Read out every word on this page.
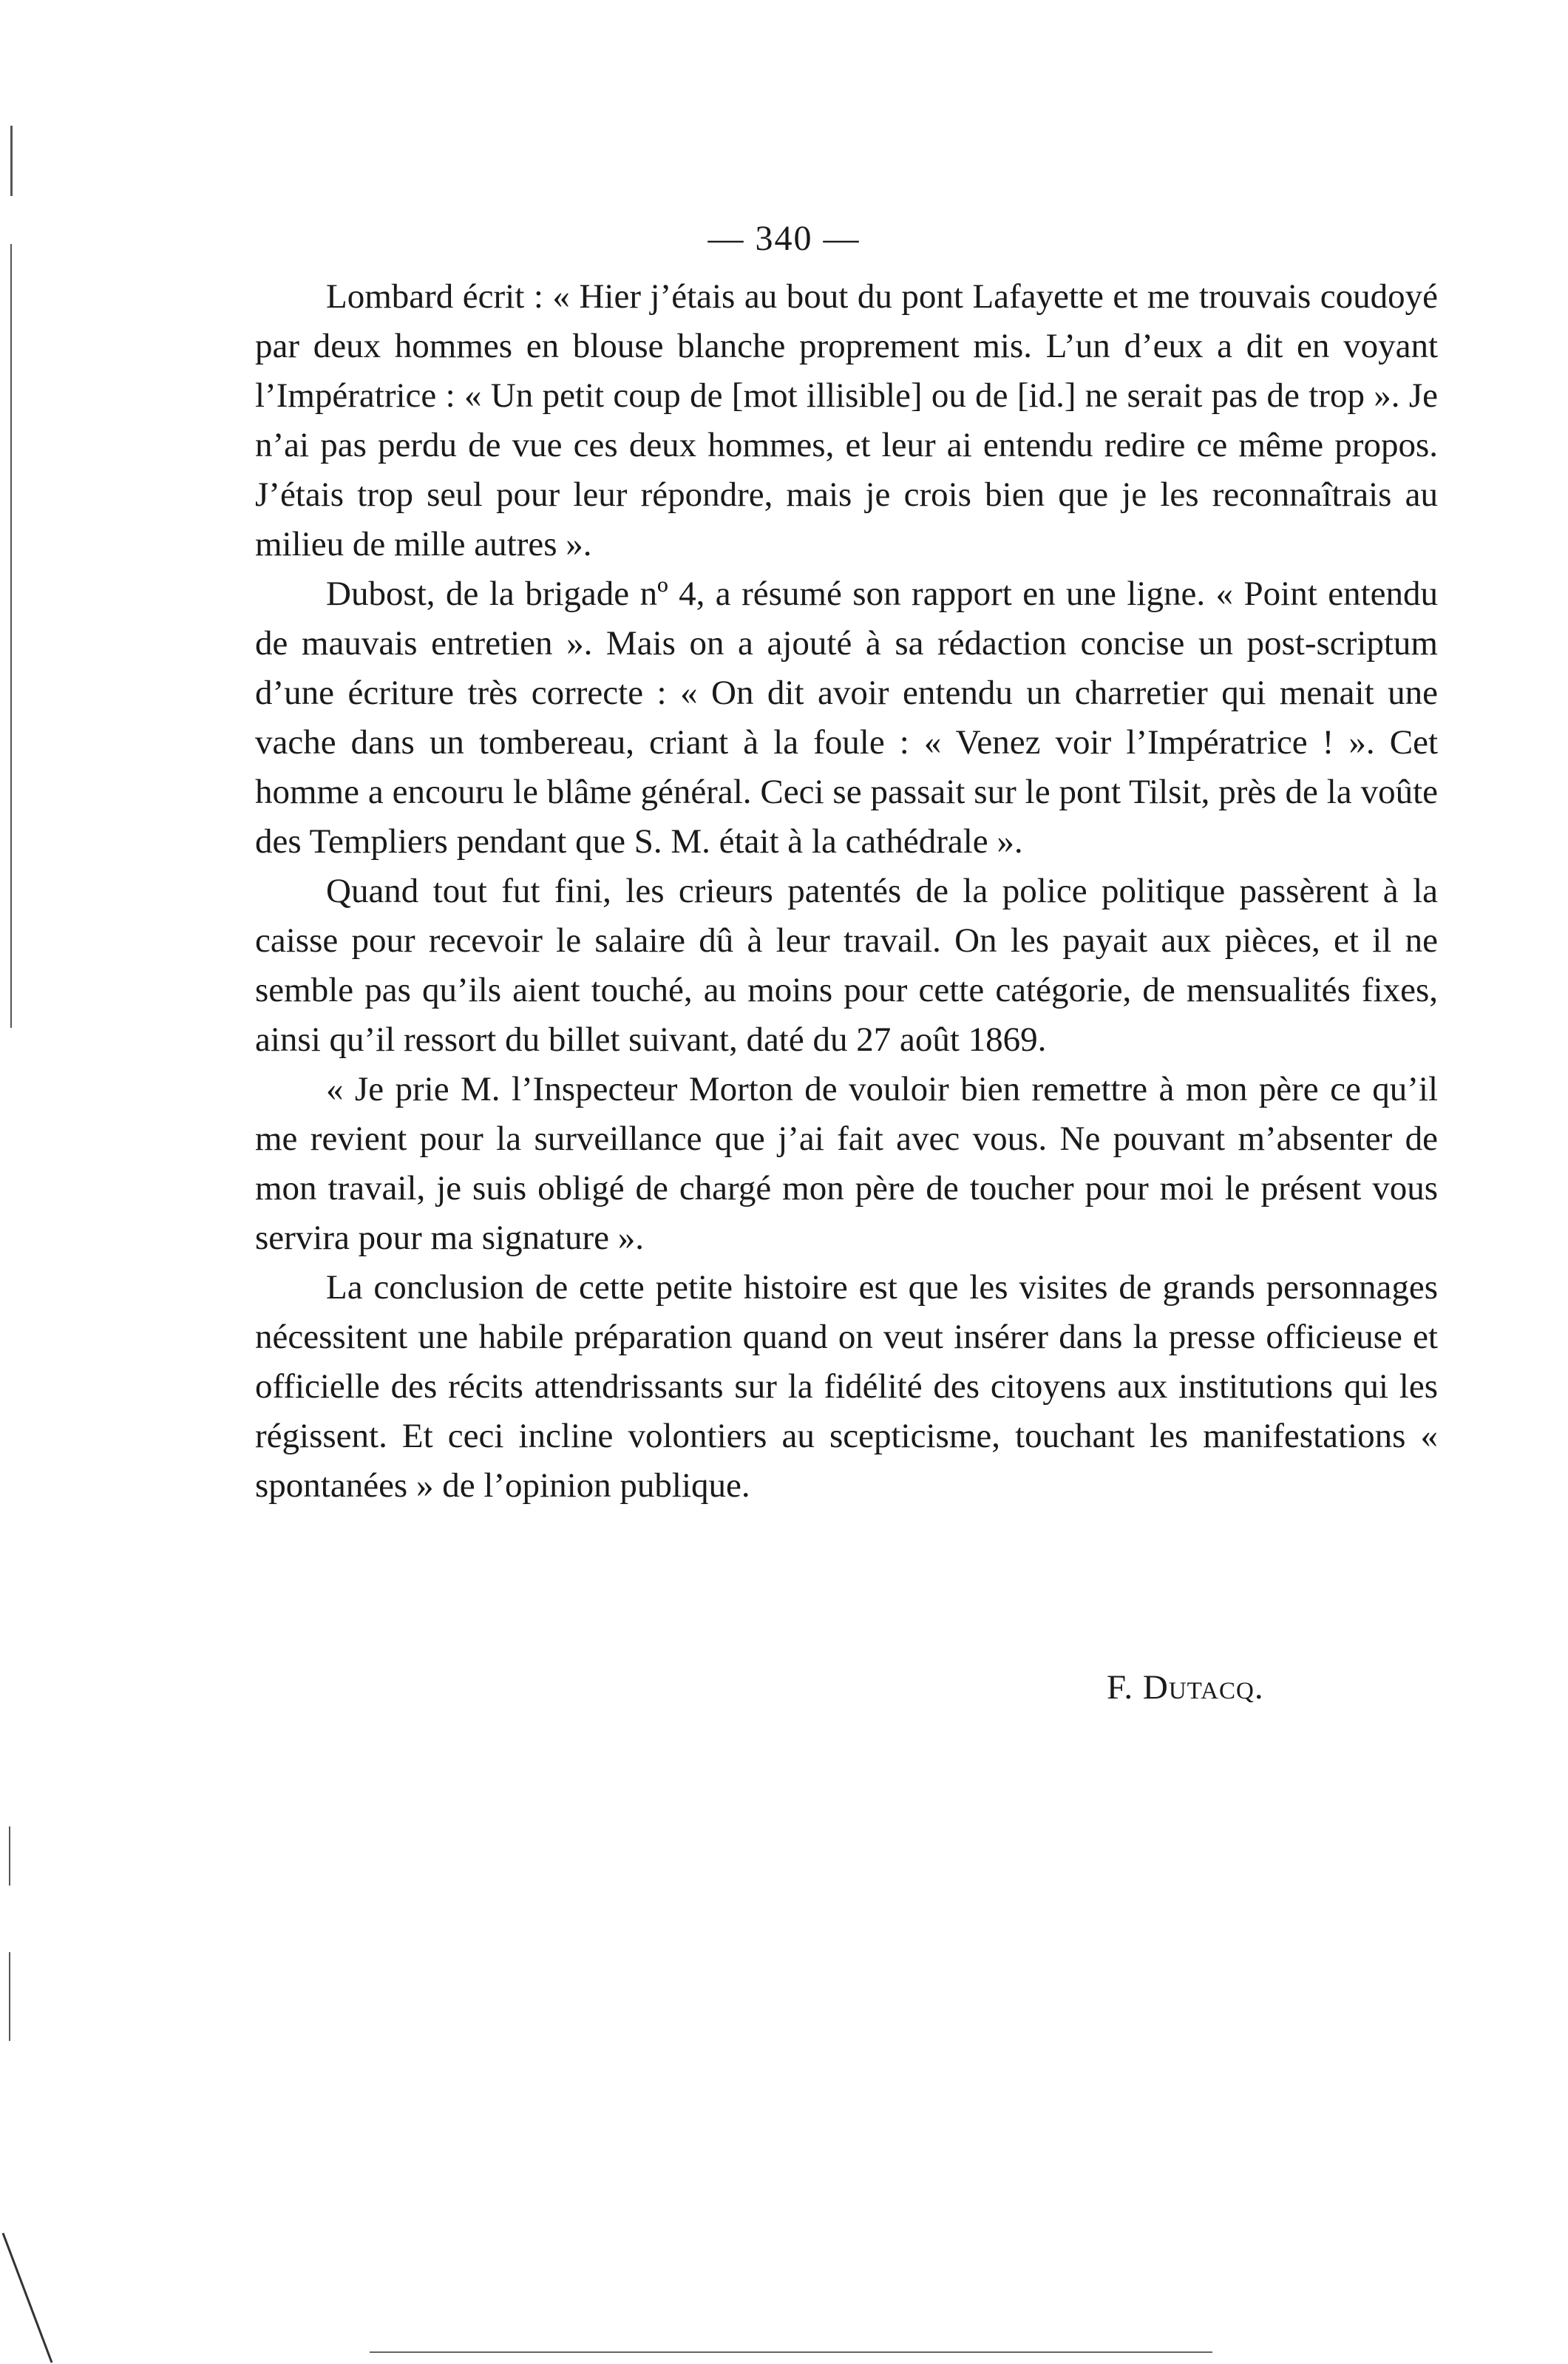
— 340 —

Lombard écrit : « Hier j’étais au bout du pont Lafayette et me trouvais coudoyé par deux hommes en blouse blanche proprement mis. L’un d’eux a dit en voyant l’Impératrice : « Un petit coup de [mot illisible] ou de [id.] ne serait pas de trop ». Je n’ai pas perdu de vue ces deux hommes, et leur ai entendu redire ce même propos. J’étais trop seul pour leur répondre, mais je crois bien que je les reconnaîtrais au milieu de mille autres ».

Dubost, de la brigade nº 4, a résumé son rapport en une ligne. « Point entendu de mauvais entretien ». Mais on a ajouté à sa rédaction concise un post-scriptum d’une écriture très correcte : « On dit avoir entendu un charretier qui menait une vache dans un tombereau, criant à la foule : « Venez voir l’Impératrice ! ». Cet homme a encouru le blâme général. Ceci se passait sur le pont Tilsit, près de la voûte des Templiers pendant que S. M. était à la cathédrale ».

Quand tout fut fini, les crieurs patentés de la police politique passèrent à la caisse pour recevoir le salaire dû à leur travail. On les payait aux pièces, et il ne semble pas qu’ils aient touché, au moins pour cette catégorie, de mensualités fixes, ainsi qu’il ressort du billet suivant, daté du 27 août 1869.

« Je prie M. l’Inspecteur Morton de vouloir bien remettre à mon père ce qu’il me revient pour la surveillance que j’ai fait avec vous. Ne pouvant m’absenter de mon travail, je suis obligé de chargé mon père de toucher pour moi le présent vous servira pour ma signature ».

La conclusion de cette petite histoire est que les visites de grands personnages nécessitent une habile préparation quand on veut insérer dans la presse officieuse et officielle des récits attendrissants sur la fidélité des citoyens aux institutions qui les régissent. Et ceci incline volontiers au scepticisme, touchant les manifestations « spontanées » de l’opinion publique.

F. Dutacq.
